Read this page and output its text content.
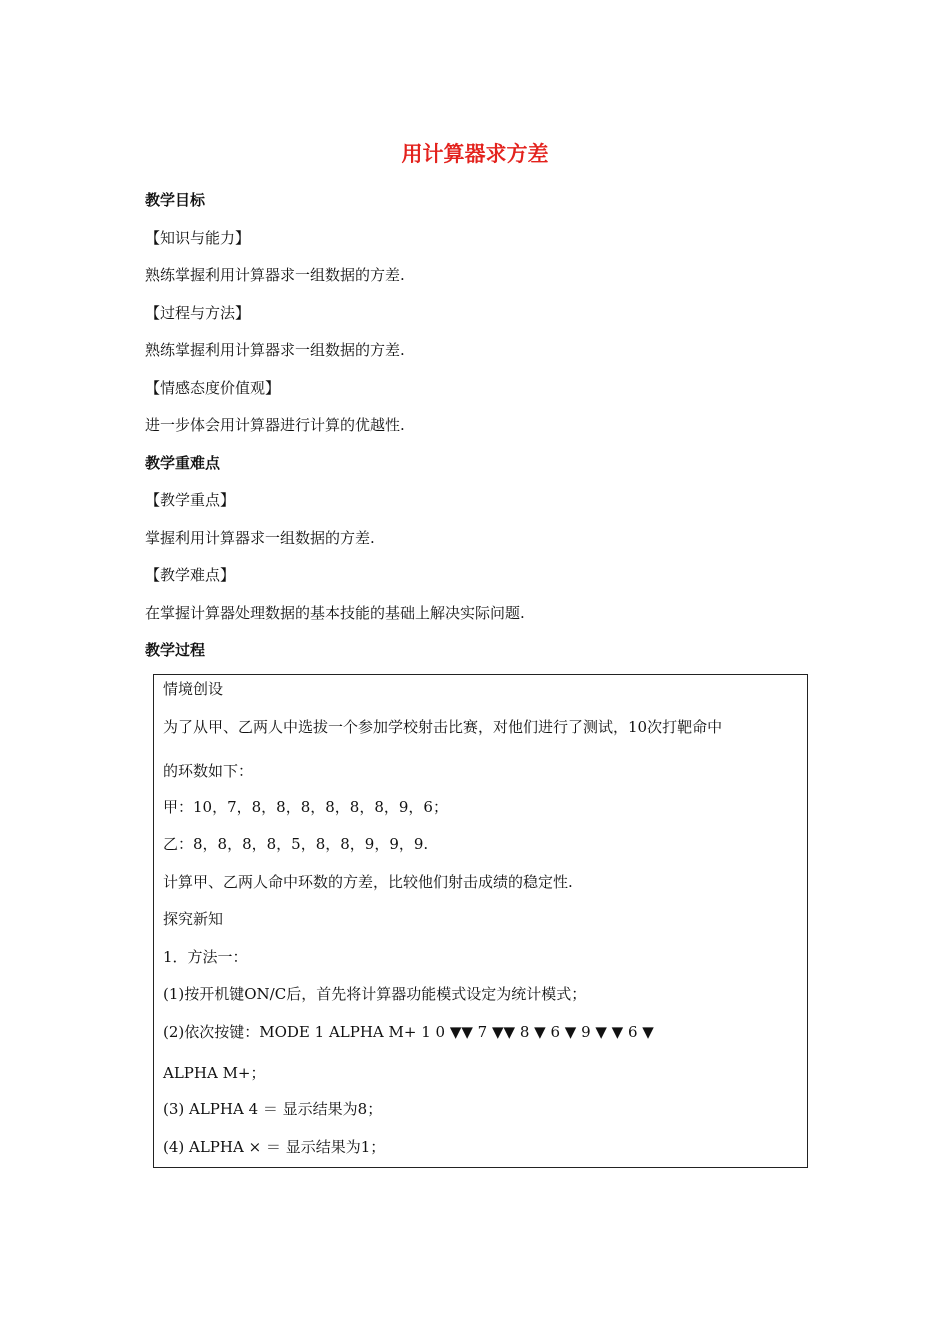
用计算器求方差
教学目标
【知识与能力】
熟练掌握利用计算器求一组数据的方差.
【过程与方法】
熟练掌握利用计算器求一组数据的方差.
【情感态度价值观】
进一步体会用计算器进行计算的优越性.
教学重难点
【教学重点】
掌握利用计算器求一组数据的方差.
【教学难点】
在掌握计算器处理数据的基本技能的基础上解决实际问题.
教学过程
情境创设
为了从甲、乙两人中选拔一个参加学校射击比赛，对他们进行了测试，10次打靶命中
的环数如下：
甲：10，7，8，8，8，8，8，8，9，6；
乙：8，8，8，8，5，8，8，9，9，9.
计算甲、乙两人命中环数的方差，比较他们射击成绩的稳定性.
探究新知
1．方法一：
(1)按开机键ON/C后，首先将计算器功能模式设定为统计模式；
(2)依次按键：MODE 1 ALPHA M+ 1 0 ▼▼ 7 ▼▼ 8 ▼ 6 ▼ 9 ▼ ▼ 6 ▼
ALPHA M+；
(3) ALPHA 4 ＝ 显示结果为8；
(4) ALPHA × ＝ 显示结果为1；
